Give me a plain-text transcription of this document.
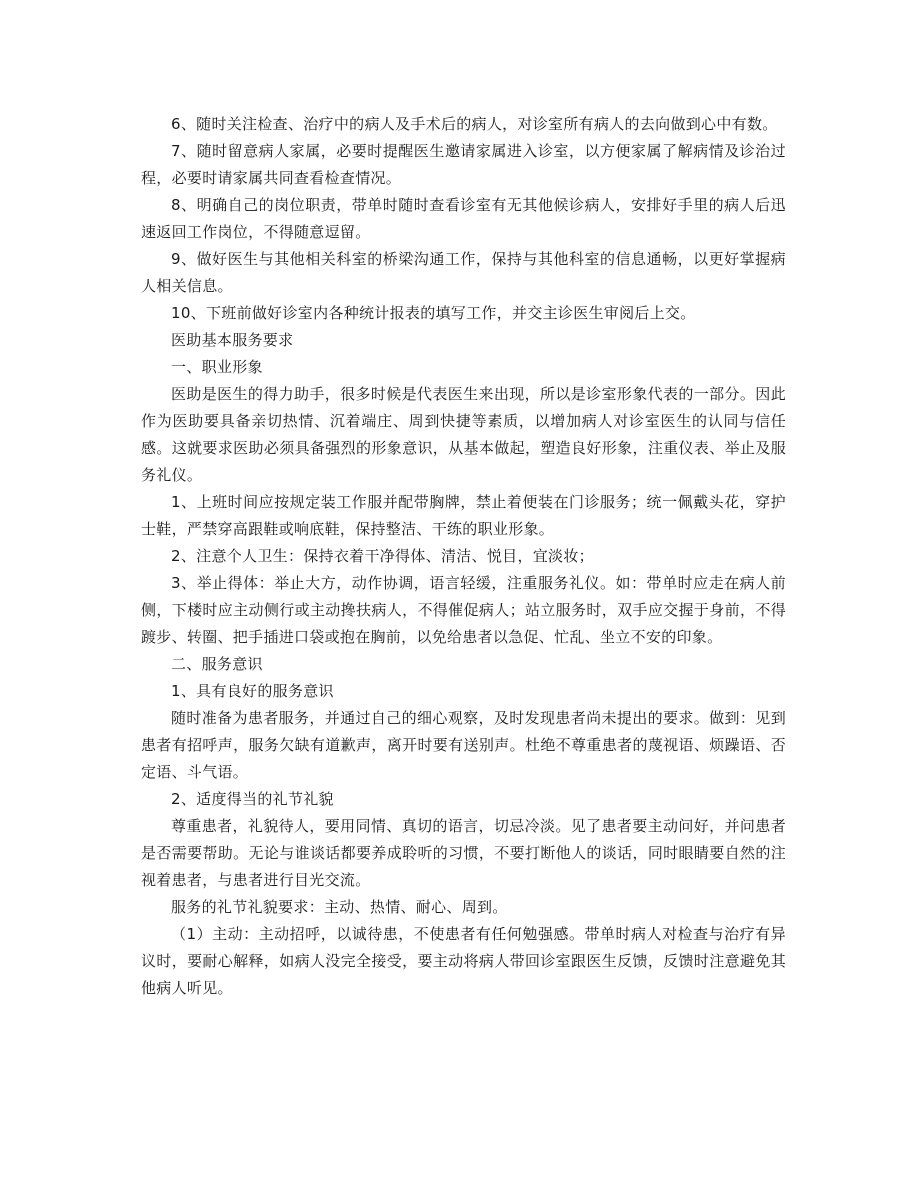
6、随时关注检查、治疗中的病人及手术后的病人，对诊室所有病人的去向做到心中有数。

7、随时留意病人家属，必要时提醒医生邀请家属进入诊室，以方便家属了解病情及诊治过程，必要时请家属共同查看检查情况。

8、明确自己的岗位职责，带单时随时查看诊室有无其他候诊病人，安排好手里的病人后迅速返回工作岗位，不得随意逗留。

9、做好医生与其他相关科室的桥梁沟通工作，保持与其他科室的信息通畅，以更好掌握病人相关信息。

10、下班前做好诊室内各种统计报表的填写工作，并交主诊医生审阅后上交。

医助基本服务要求

一、职业形象

医助是医生的得力助手，很多时候是代表医生来出现，所以是诊室形象代表的一部分。因此作为医助要具备亲切热情、沉着端庄、周到快捷等素质，以增加病人对诊室医生的认同与信任感。这就要求医助必须具备强烈的形象意识，从基本做起，塑造良好形象，注重仪表、举止及服务礼仪。

1、上班时间应按规定装工作服并配带胸牌，禁止着便装在门诊服务；统一佩戴头花，穿护士鞋，严禁穿高跟鞋或响底鞋，保持整洁、干练的职业形象。

2、注意个人卫生：保持衣着干净得体、清洁、悦目，宜淡妆；

3、举止得体：举止大方，动作协调，语言轻缓，注重服务礼仪。如：带单时应走在病人前侧，下楼时应主动侧行或主动搀扶病人，不得催促病人；站立服务时，双手应交握于身前，不得踱步、转圈、把手插进口袋或抱在胸前，以免给患者以急促、忙乱、坐立不安的印象。

二、服务意识

1、具有良好的服务意识

随时准备为患者服务，并通过自己的细心观察，及时发现患者尚未提出的要求。做到：见到患者有招呼声，服务欠缺有道歉声，离开时要有送别声。杜绝不尊重患者的蔑视语、烦躁语、否定语、斗气语。

2、适度得当的礼节礼貌

尊重患者，礼貌待人，要用同情、真切的语言，切忌冷淡。见了患者要主动问好，并问患者是否需要帮助。无论与谁谈话都要养成聆听的习惯，不要打断他人的谈话，同时眼睛要自然的注视着患者，与患者进行目光交流。

服务的礼节礼貌要求：主动、热情、耐心、周到。

（1）主动：主动招呼，以诚待患，不使患者有任何勉强感。带单时病人对检查与治疗有异议时，要耐心解释，如病人没完全接受，要主动将病人带回诊室跟医生反馈，反馈时注意避免其他病人听见。
